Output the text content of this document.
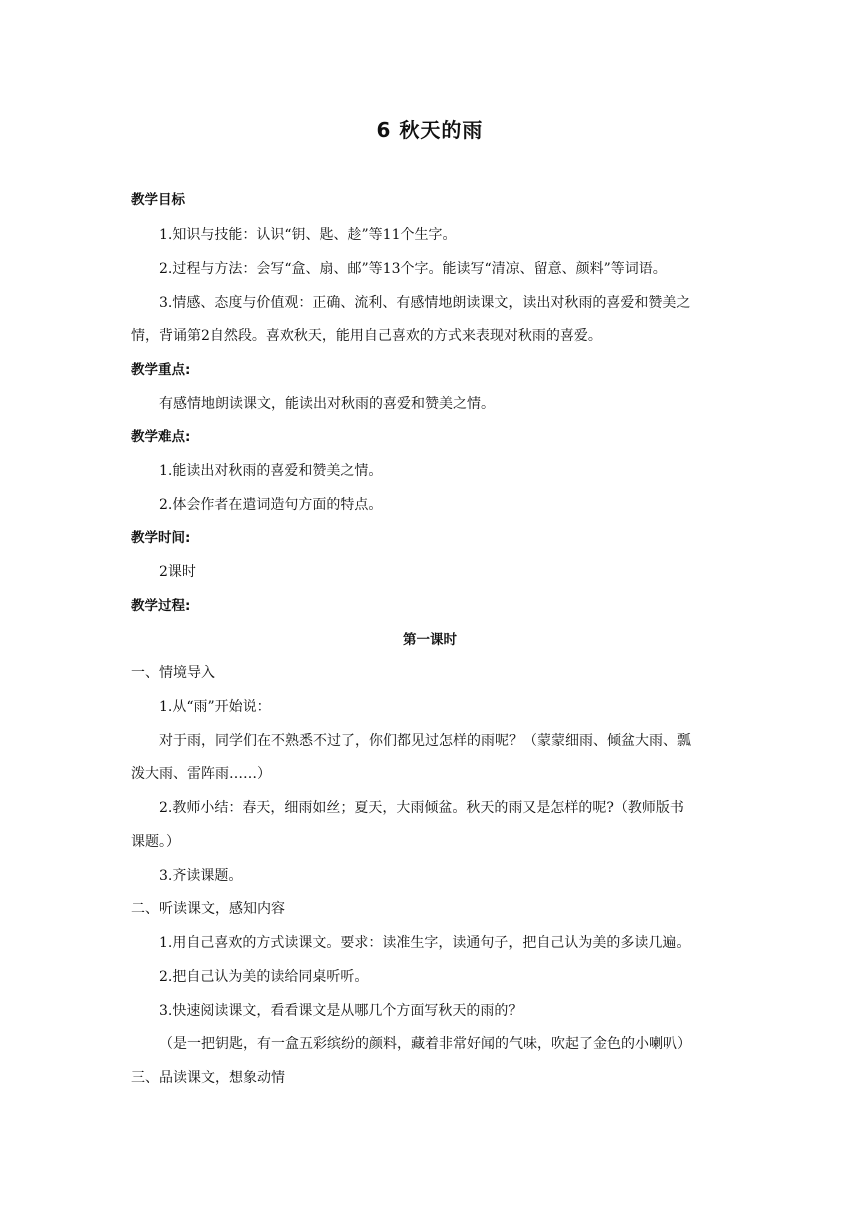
6 秋天的雨
教学目标
1.知识与技能：认识“钥、匙、趁”等11个生字。
2.过程与方法：会写“盒、扇、邮”等13个字。能读写“清凉、留意、颜料”等词语。
3.情感、态度与价值观：正确、流利、有感情地朗读课文，读出对秋雨的喜爱和赞美之
情，背诵第2自然段。喜欢秋天，能用自己喜欢的方式来表现对秋雨的喜爱。
教学重点:
有感情地朗读课文，能读出对秋雨的喜爱和赞美之情。
教学难点:
1.能读出对秋雨的喜爱和赞美之情。
2.体会作者在遣词造句方面的特点。
教学时间:
2课时
教学过程:
第一课时
一、情境导入
1.从“雨”开始说：
对于雨，同学们在不熟悉不过了，你们都见过怎样的雨呢？（蒙蒙细雨、倾盆大雨、瓢
泼大雨、雷阵雨……）
2.教师小结：春天，细雨如丝；夏天，大雨倾盆。秋天的雨又是怎样的呢?（教师版书
课题。）
3.齐读课题。
二、听读课文，感知内容
1.用自己喜欢的方式读课文。要求：读准生字，读通句子，把自己认为美的多读几遍。
2.把自己认为美的读给同桌听听。
3.快速阅读课文，看看课文是从哪几个方面写秋天的雨的？
（是一把钥匙，有一盒五彩缤纷的颜料，藏着非常好闻的气味，吹起了金色的小喇叭）
三、品读课文，想象动情
